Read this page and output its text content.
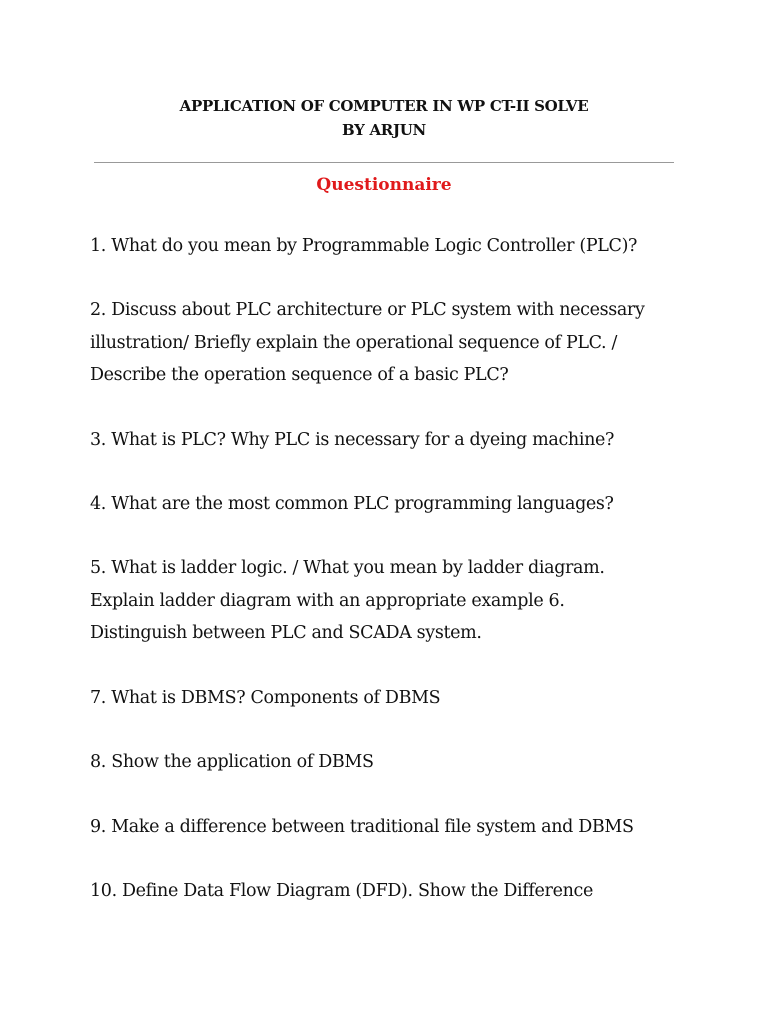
APPLICATION OF COMPUTER IN WP CT-II SOLVE
BY ARJUN
Questionnaire
1. What do you mean by Programmable Logic Controller (PLC)?
2. Discuss about PLC architecture or PLC system with necessary
illustration/ Briefly explain the operational sequence of PLC. /
Describe the operation sequence of a basic PLC?
3. What is PLC? Why PLC is necessary for a dyeing machine?
4. What are the most common PLC programming languages?
5. What is ladder logic. / What you mean by ladder diagram.
Explain ladder diagram with an appropriate example 6.
Distinguish between PLC and SCADA system.
7. What is DBMS? Components of DBMS
8. Show the application of DBMS
9. Make a difference between traditional file system and DBMS
10. Define Data Flow Diagram (DFD). Show the Difference
